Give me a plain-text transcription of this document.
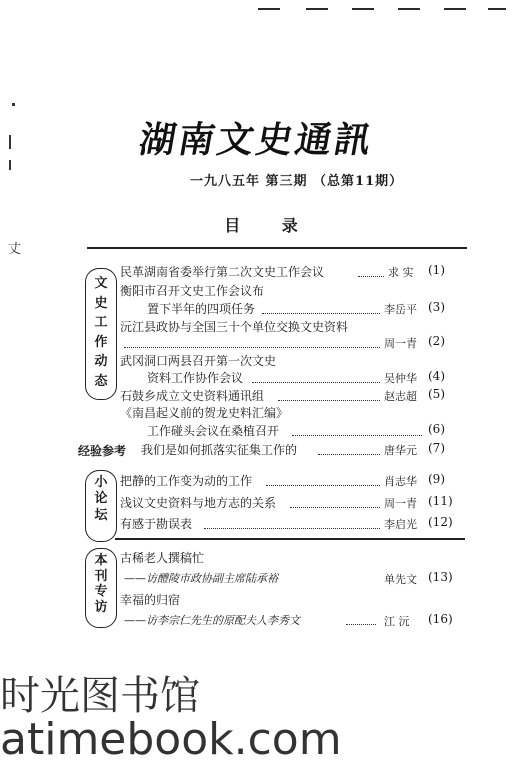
丈
湖南文史通訊
一九八五年 第三期 （总第11期）
目 录
文
史
工
作
动
态
经验参考
小
论
坛
本
刊
专
访
民革湖南省委举行第二次文史工作会议	求 实 (1)
衡阳市召开文史工作会议布
置下半年的四项任务	李岳平 (3)
沅江县政协与全国三十个单位交换文史资料
周一青 (2)
武冈洞口两县召开第一次文史
资料工作协作会议	吴仲华 (4)
石鼓乡成立文史资料通讯组	赵志超 (5)
《南昌起义前的贺龙史料汇编》
工作碰头会议在桑植召开	(6)
我们是如何抓落实征集工作的	唐华元 (7)
把静的工作变为动的工作	肖志华 (9)
浅议文史资料与地方志的关系	周一青 (11)
有感于勘误表	李启光 (12)
古稀老人撰稿忙
——访醴陵市政协副主席陆承裕	单先文 (13)
幸福的归宿
——访李宗仁先生的原配夫人李秀文	江 沅 (16)
时光图书馆
atimebook.com
